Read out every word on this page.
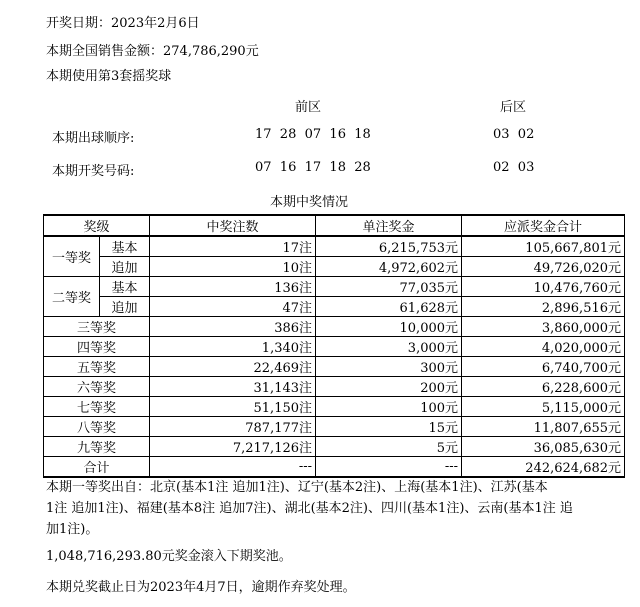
开奖日期：2023年2月6日
本期全国销售金额：274,786,290元
本期使用第3套摇奖球
前区	后区
本期出球顺序:	17  28  07  16  18	03  02
本期开奖号码:	07  16  17  18  28	02  03
本期中奖情况
奖级		中奖注数	单注奖金	应派奖金合计
一等奖	基本	17注	6,215,753元	105,667,801元
	追加	10注	4,972,602元	49,726,020元
二等奖	基本	136注	77,035元	10,476,760元
	追加	47注	61,628元	2,896,516元
三等奖		386注	10,000元	3,860,000元
四等奖		1,340注	3,000元	4,020,000元
五等奖		22,469注	300元	6,740,700元
六等奖		31,143注	200元	6,228,600元
七等奖		51,150注	100元	5,115,000元
八等奖		787,177注	15元	11,807,655元
九等奖		7,217,126注	5元	36,085,630元
合计		---	---	242,624,682元
本期一等奖出自：北京(基本1注 追加1注)、辽宁(基本2注)、上海(基本1注)、江苏(基本
1注 追加1注)、福建(基本8注 追加7注)、湖北(基本2注)、四川(基本1注)、云南(基本1注 追
加1注)。
1,048,716,293.80元奖金滚入下期奖池。
本期兑奖截止日为2023年4月7日，逾期作弃奖处理。
